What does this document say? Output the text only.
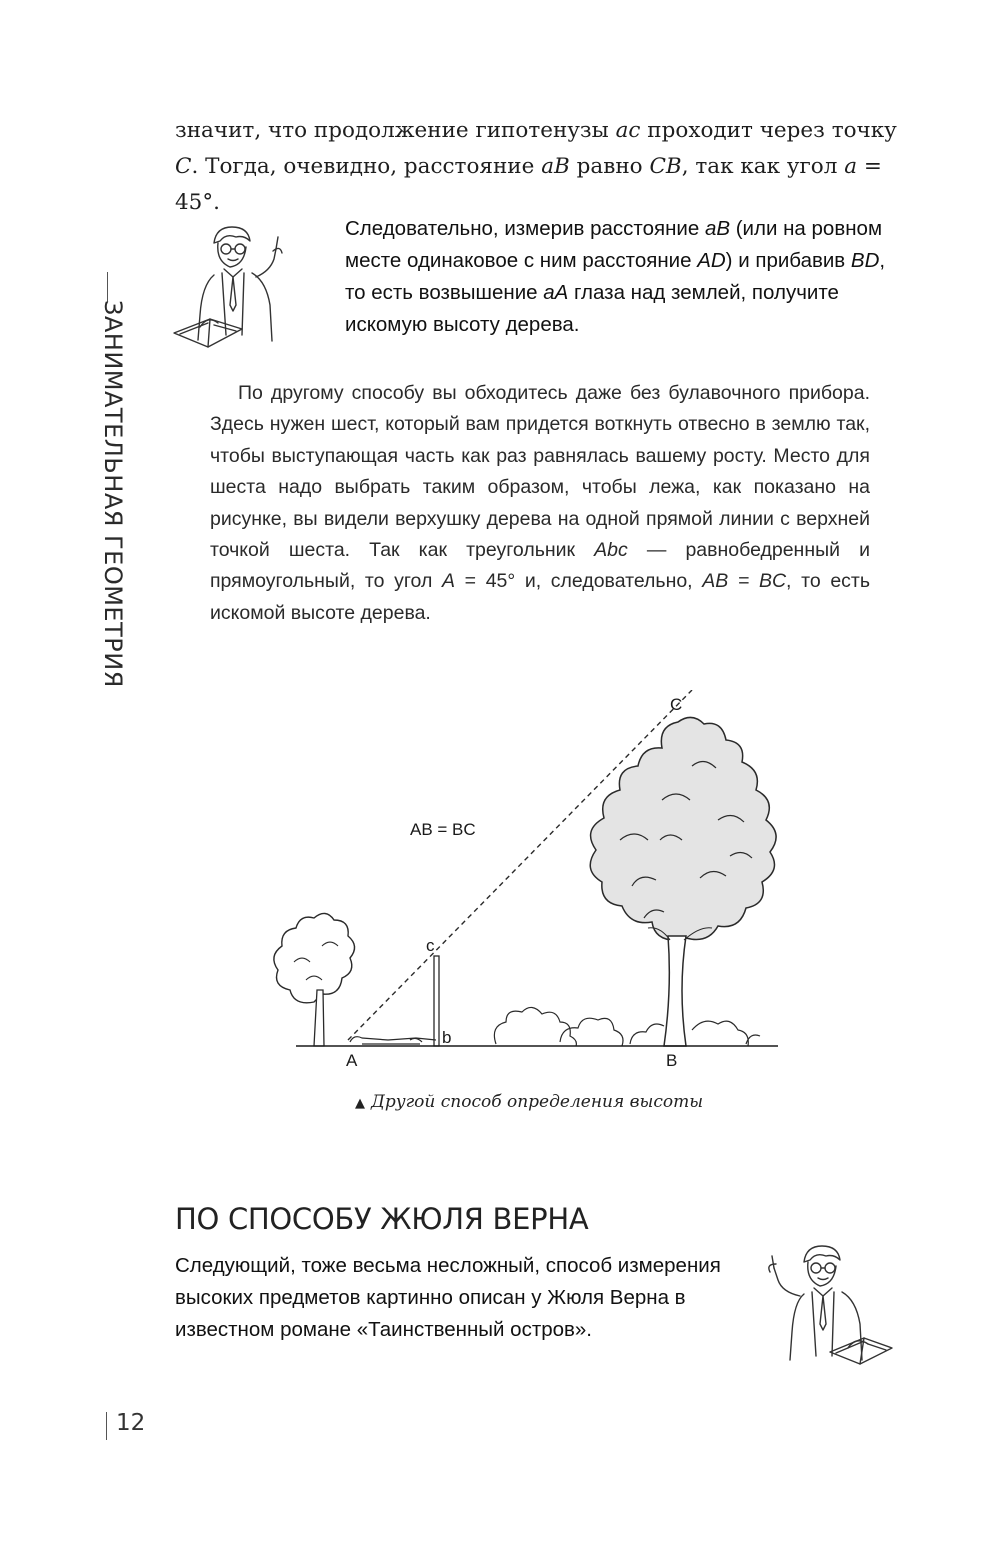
ЗАНИМАТЕЛЬНАЯ ГЕОМЕТРИЯ
значит, что продолжение гипотенузы ac проходит через точку C. Тогда, очевидно, расстояние aB равно CB, так как угол a = 45°.
Следовательно, измерив расстояние aB (или на ровном месте одинаковое с ним расстояние AD) и прибавив BD, то есть возвышение aA глаза над землей, получите искомую высоту дерева.

По другому способу вы обходитесь даже без булавочного прибора. Здесь нужен шест, который вам придется воткнуть отвесно в землю так, чтобы выступающая часть как раз равнялась вашему росту. Место для шеста надо выбрать таким образом, чтобы лежа, как показано на рисунке, вы видели верхушку дерева на одной прямой линии с верхней точкой шеста. Так как треугольник Abc — равнобедренный и прямоугольный, то угол A = 45° и, следовательно, AB = BC, то есть искомой высоте дерева.

C
c
b
A	B
AB = BC
▲ Другой способ определения высоты
ПО СПОСОБУ ЖЮЛЯ ВЕРНА
Следующий, тоже весьма несложный, способ измерения высоких предметов картинно описан у Жюля Верна в известном романе «Таинственный остров».
12
